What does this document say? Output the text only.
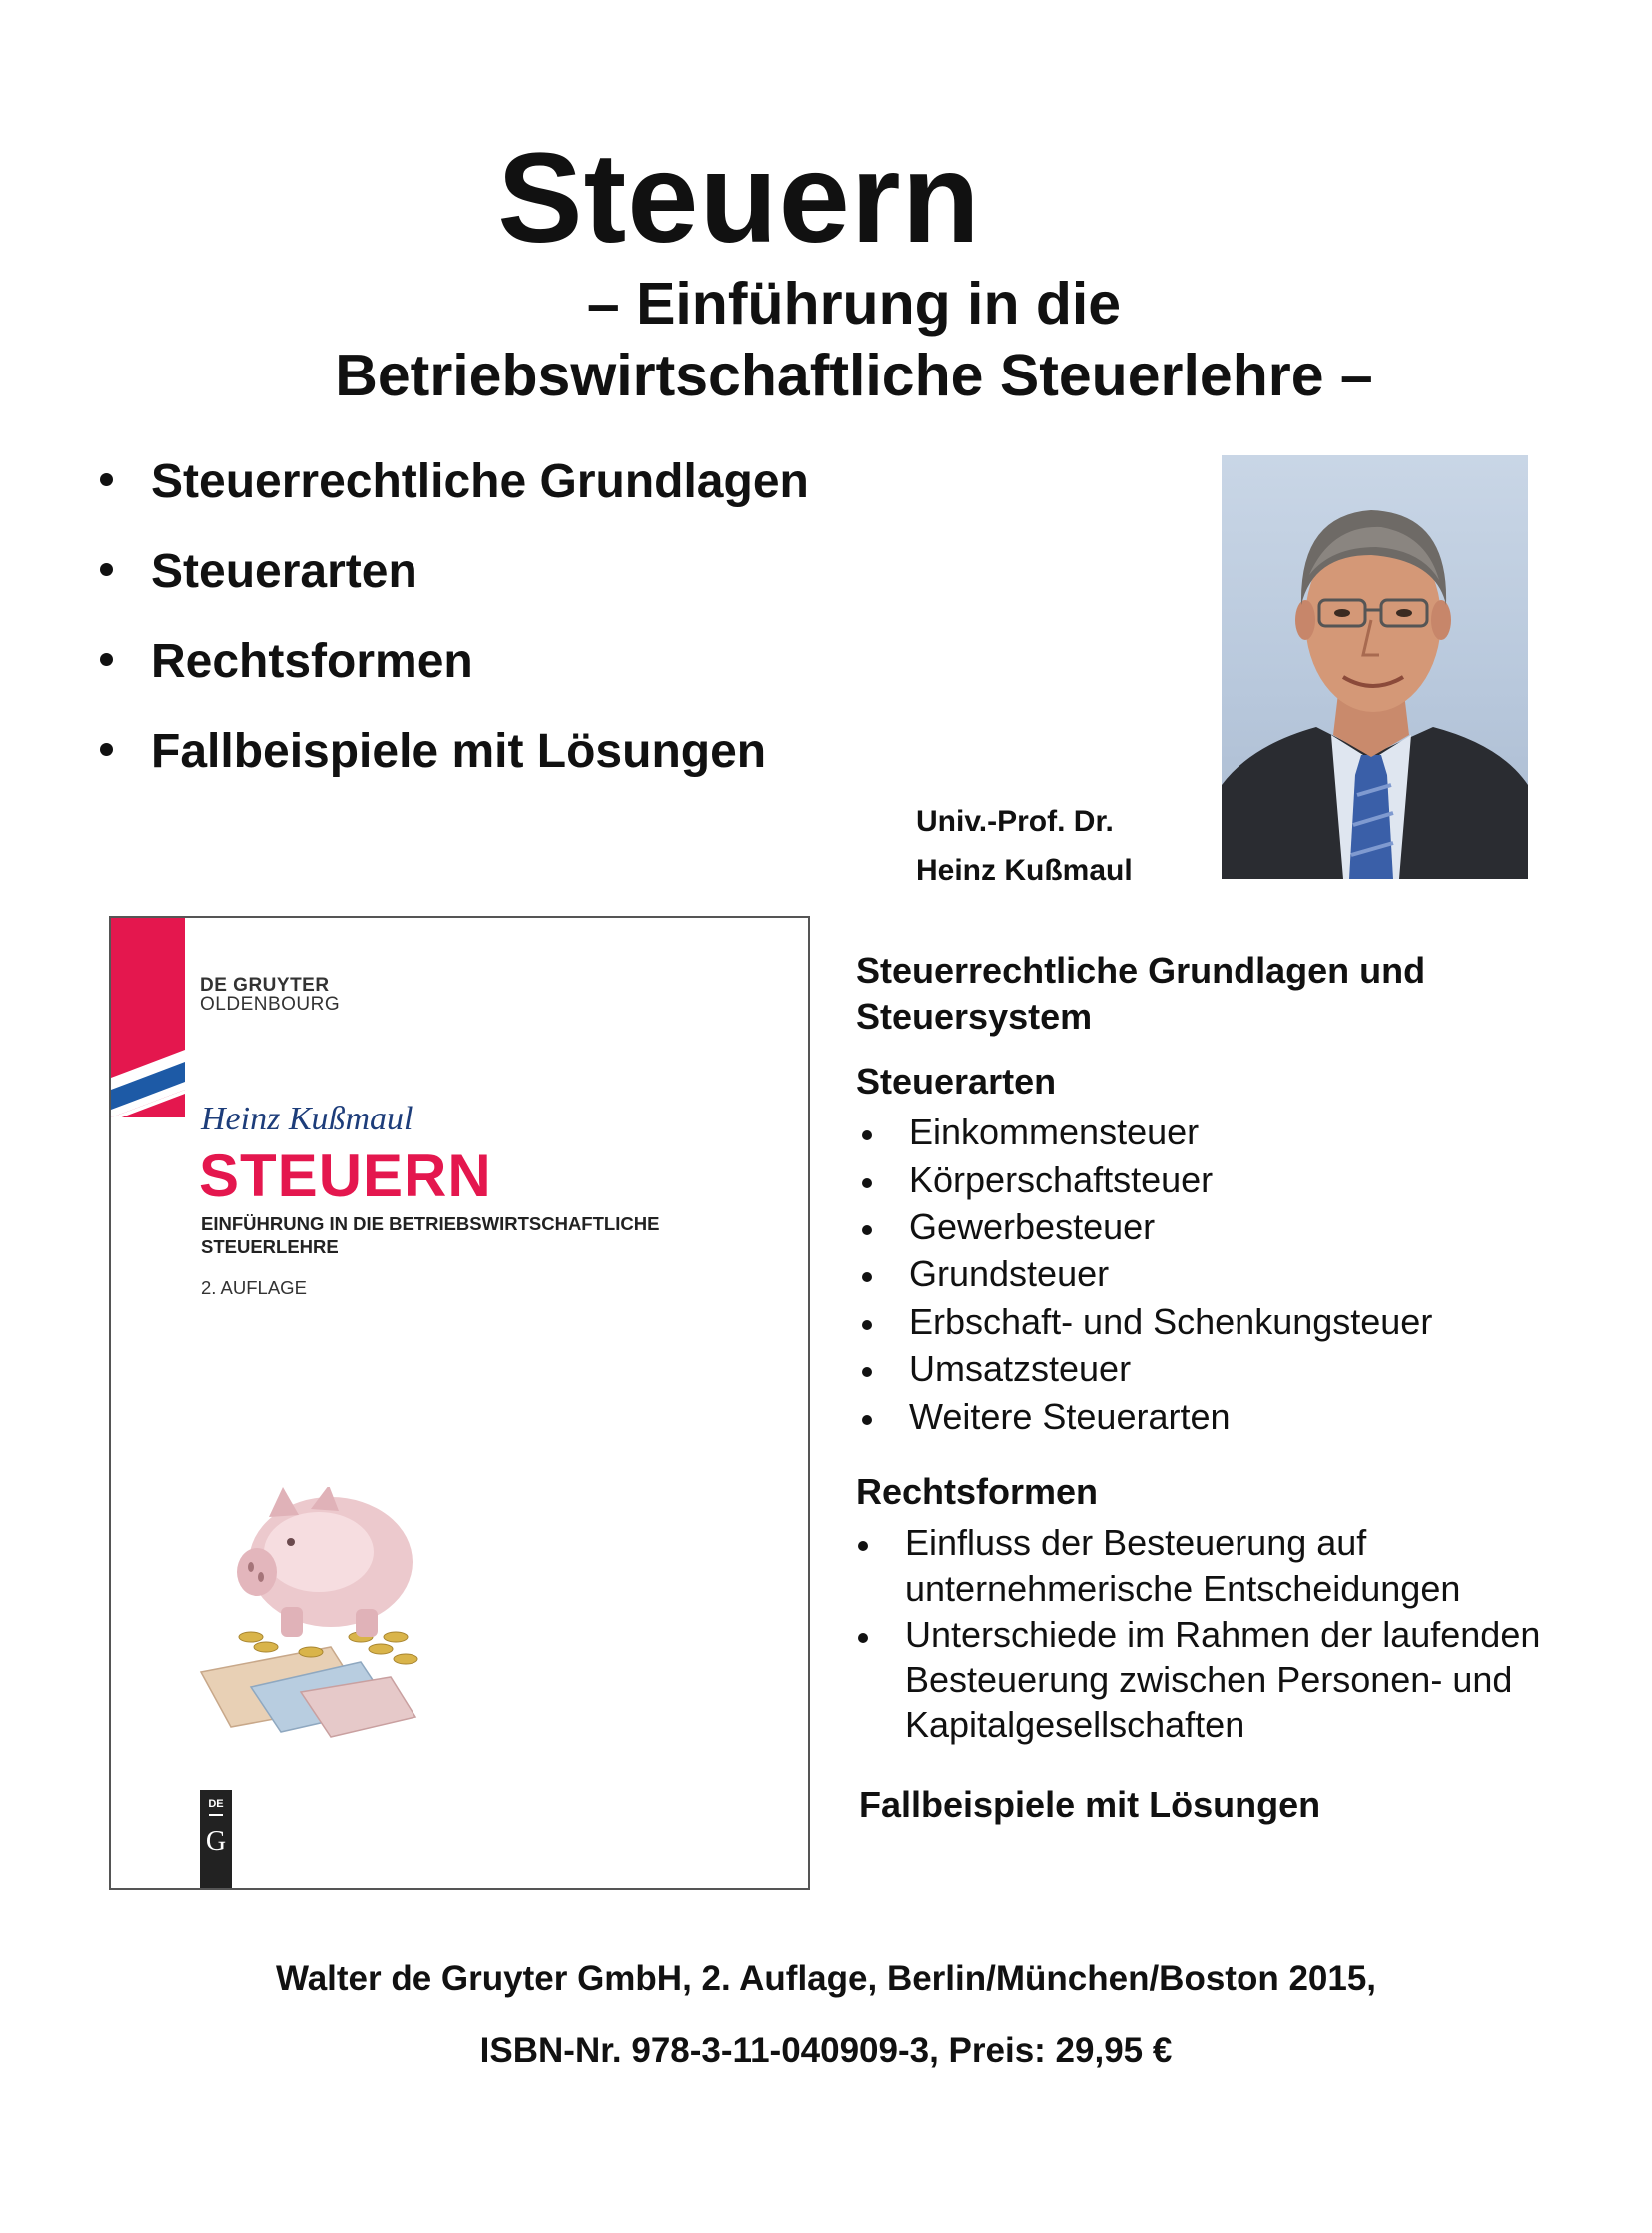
Steuern
– Einführung in die
Betriebswirtschaftliche Steuerlehre –
Steuerrechtliche Grundlagen
Steuerarten
Rechtsformen
Fallbeispiele mit Lösungen
Univ.-Prof. Dr.
Heinz Kußmaul
DE GRUYTER
OLDENBOURG
Heinz Kußmaul
STEUERN
EINFÜHRUNG IN DIE BETRIEBSWIRTSCHAFTLICHE
STEUERLEHRE
2. AUFLAGE
DE
G
Steuerrechtliche Grundlagen und
Steuersystem
Steuerarten
Einkommensteuer
Körperschaftsteuer
Gewerbesteuer
Grundsteuer
Erbschaft- und Schenkungsteuer
Umsatzsteuer
Weitere Steuerarten
Rechtsformen
Einfluss der Besteuerung auf
unternehmerische Entscheidungen
Unterschiede im Rahmen der laufenden
Besteuerung zwischen Personen- und
Kapitalgesellschaften
Fallbeispiele mit Lösungen
Walter de Gruyter GmbH, 2. Auflage, Berlin/München/Boston 2015,
ISBN-Nr. 978-3-11-040909-3, Preis: 29,95 €
